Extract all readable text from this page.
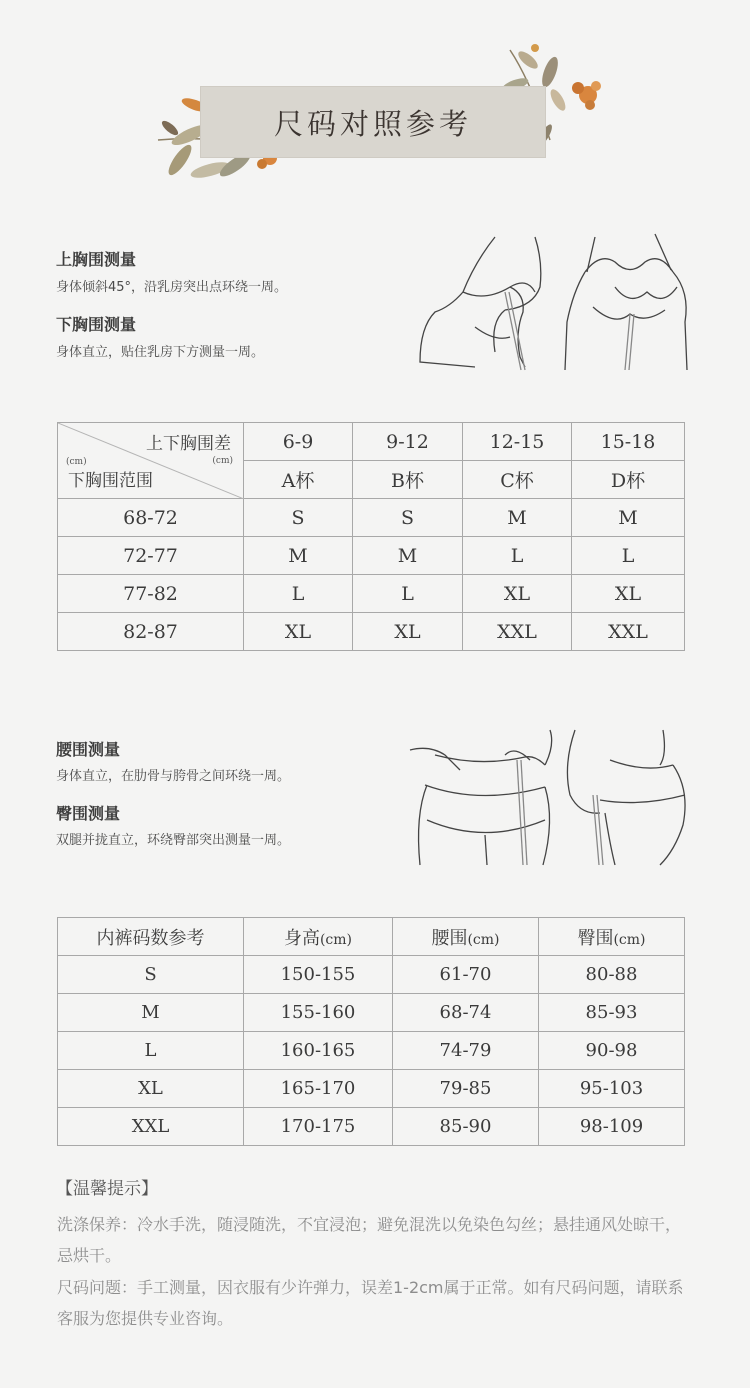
尺码对照参考
上胸围测量
身体倾斜45°，沿乳房突出点环绕一周。
下胸围测量
身体直立，贴住乳房下方测量一周。
上下胸围差
(cm) (cm)
下胸围范围	6-9	9-12	12-15	15-18
	A杯	B杯	C杯	D杯
68-72	S	S	M	M
72-77	M	M	L	L
77-82	L	L	XL	XL
82-87	XL	XL	XXL	XXL
腰围测量
身体直立，在肋骨与胯骨之间环绕一周。
臀围测量
双腿并拢直立，环绕臀部突出测量一周。
内裤码数参考	身高(cm)	腰围(cm)	臀围(cm)
S	150-155	61-70	80-88
M	155-160	68-74	85-93
L	160-165	74-79	90-98
XL	165-170	79-85	95-103
XXL	170-175	85-90	98-109
【温馨提示】
洗涤保养：冷水手洗，随浸随洗，不宜浸泡；避免混洗以免染色勾丝；悬挂通风处晾干，忌烘干。
尺码问题：手工测量，因衣服有少许弹力，误差1-2cm属于正常。如有尺码问题，请联系客服为您提供专业咨询。
